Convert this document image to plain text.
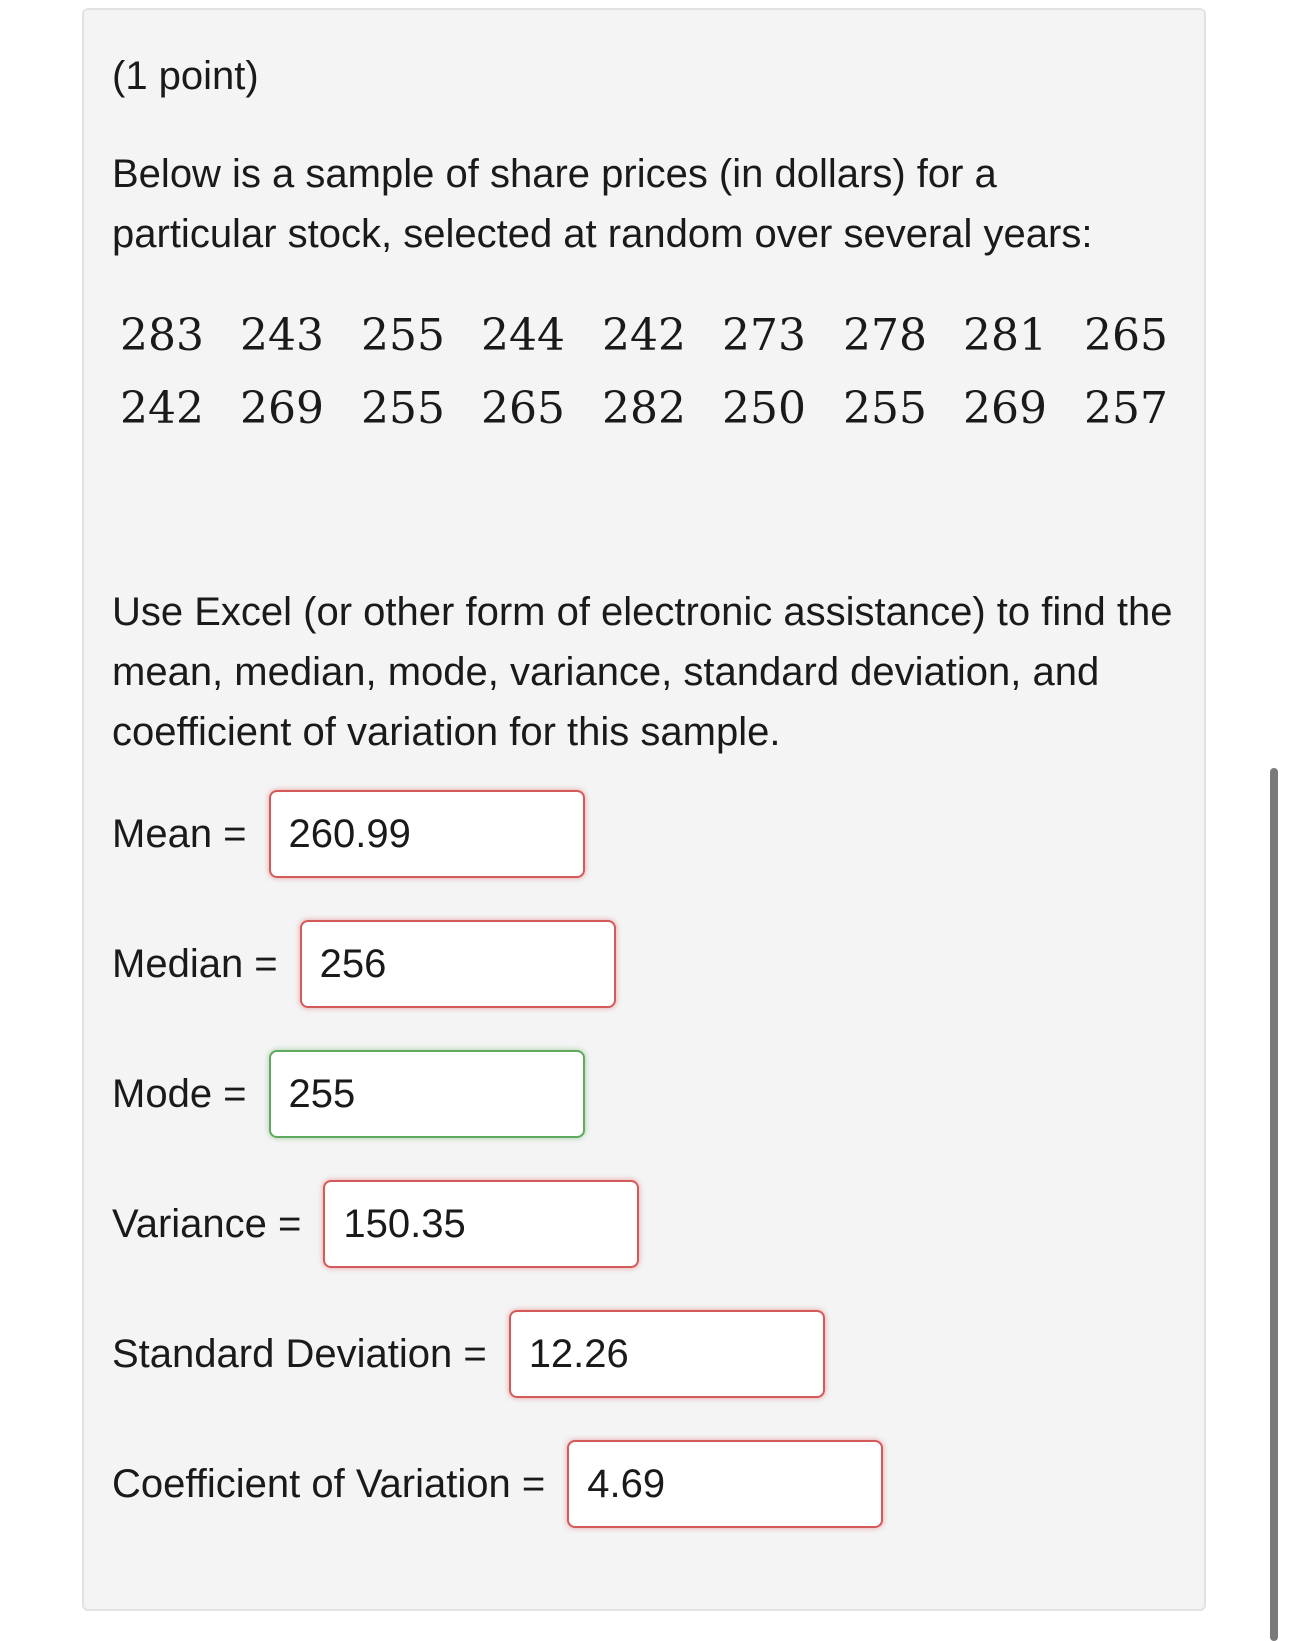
(1 point)

Below is a sample of share prices (in dollars) for a particular stock, selected at random over several years:

283 243 255 244 242 273 278 281 265
242 269 255 265 282 250 255 269 257

Use Excel (or other form of electronic assistance) to find the mean, median, mode, variance, standard deviation, and coefficient of variation for this sample.

Mean =
260.99
Median =
256
Mode =
255
Variance =
150.35
Standard Deviation =
12.26
Coefficient of Variation =
4.69
